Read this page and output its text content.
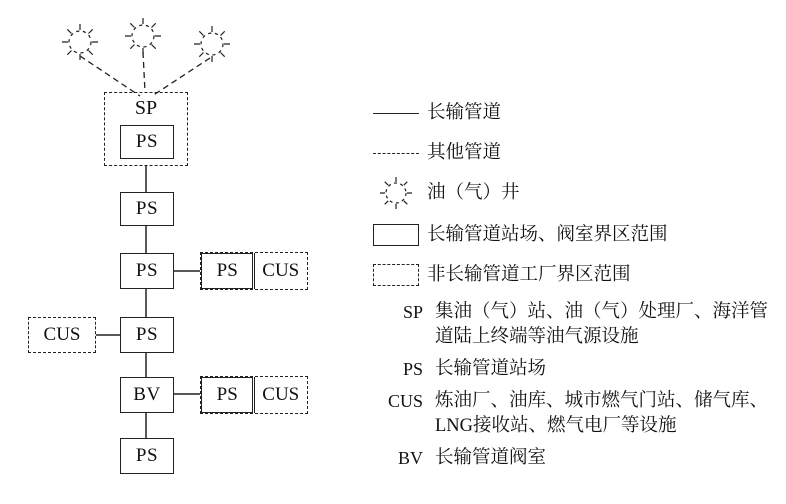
SP
PS
PS
PS	PS	CUS
CUS	PS
BV	PS	CUS
PS
长输管道
其他管道
油（气）井
长输管道站场、阀室界区范围
非长输管道工厂界区范围
SP 集油（气）站、油（气）处理厂、海洋管道陆上终端等油气源设施
PS 长输管道站场
CUS 炼油厂、油库、城市燃气门站、储气库、LNG接收站、燃气电厂等设施
BV 长输管道阀室
